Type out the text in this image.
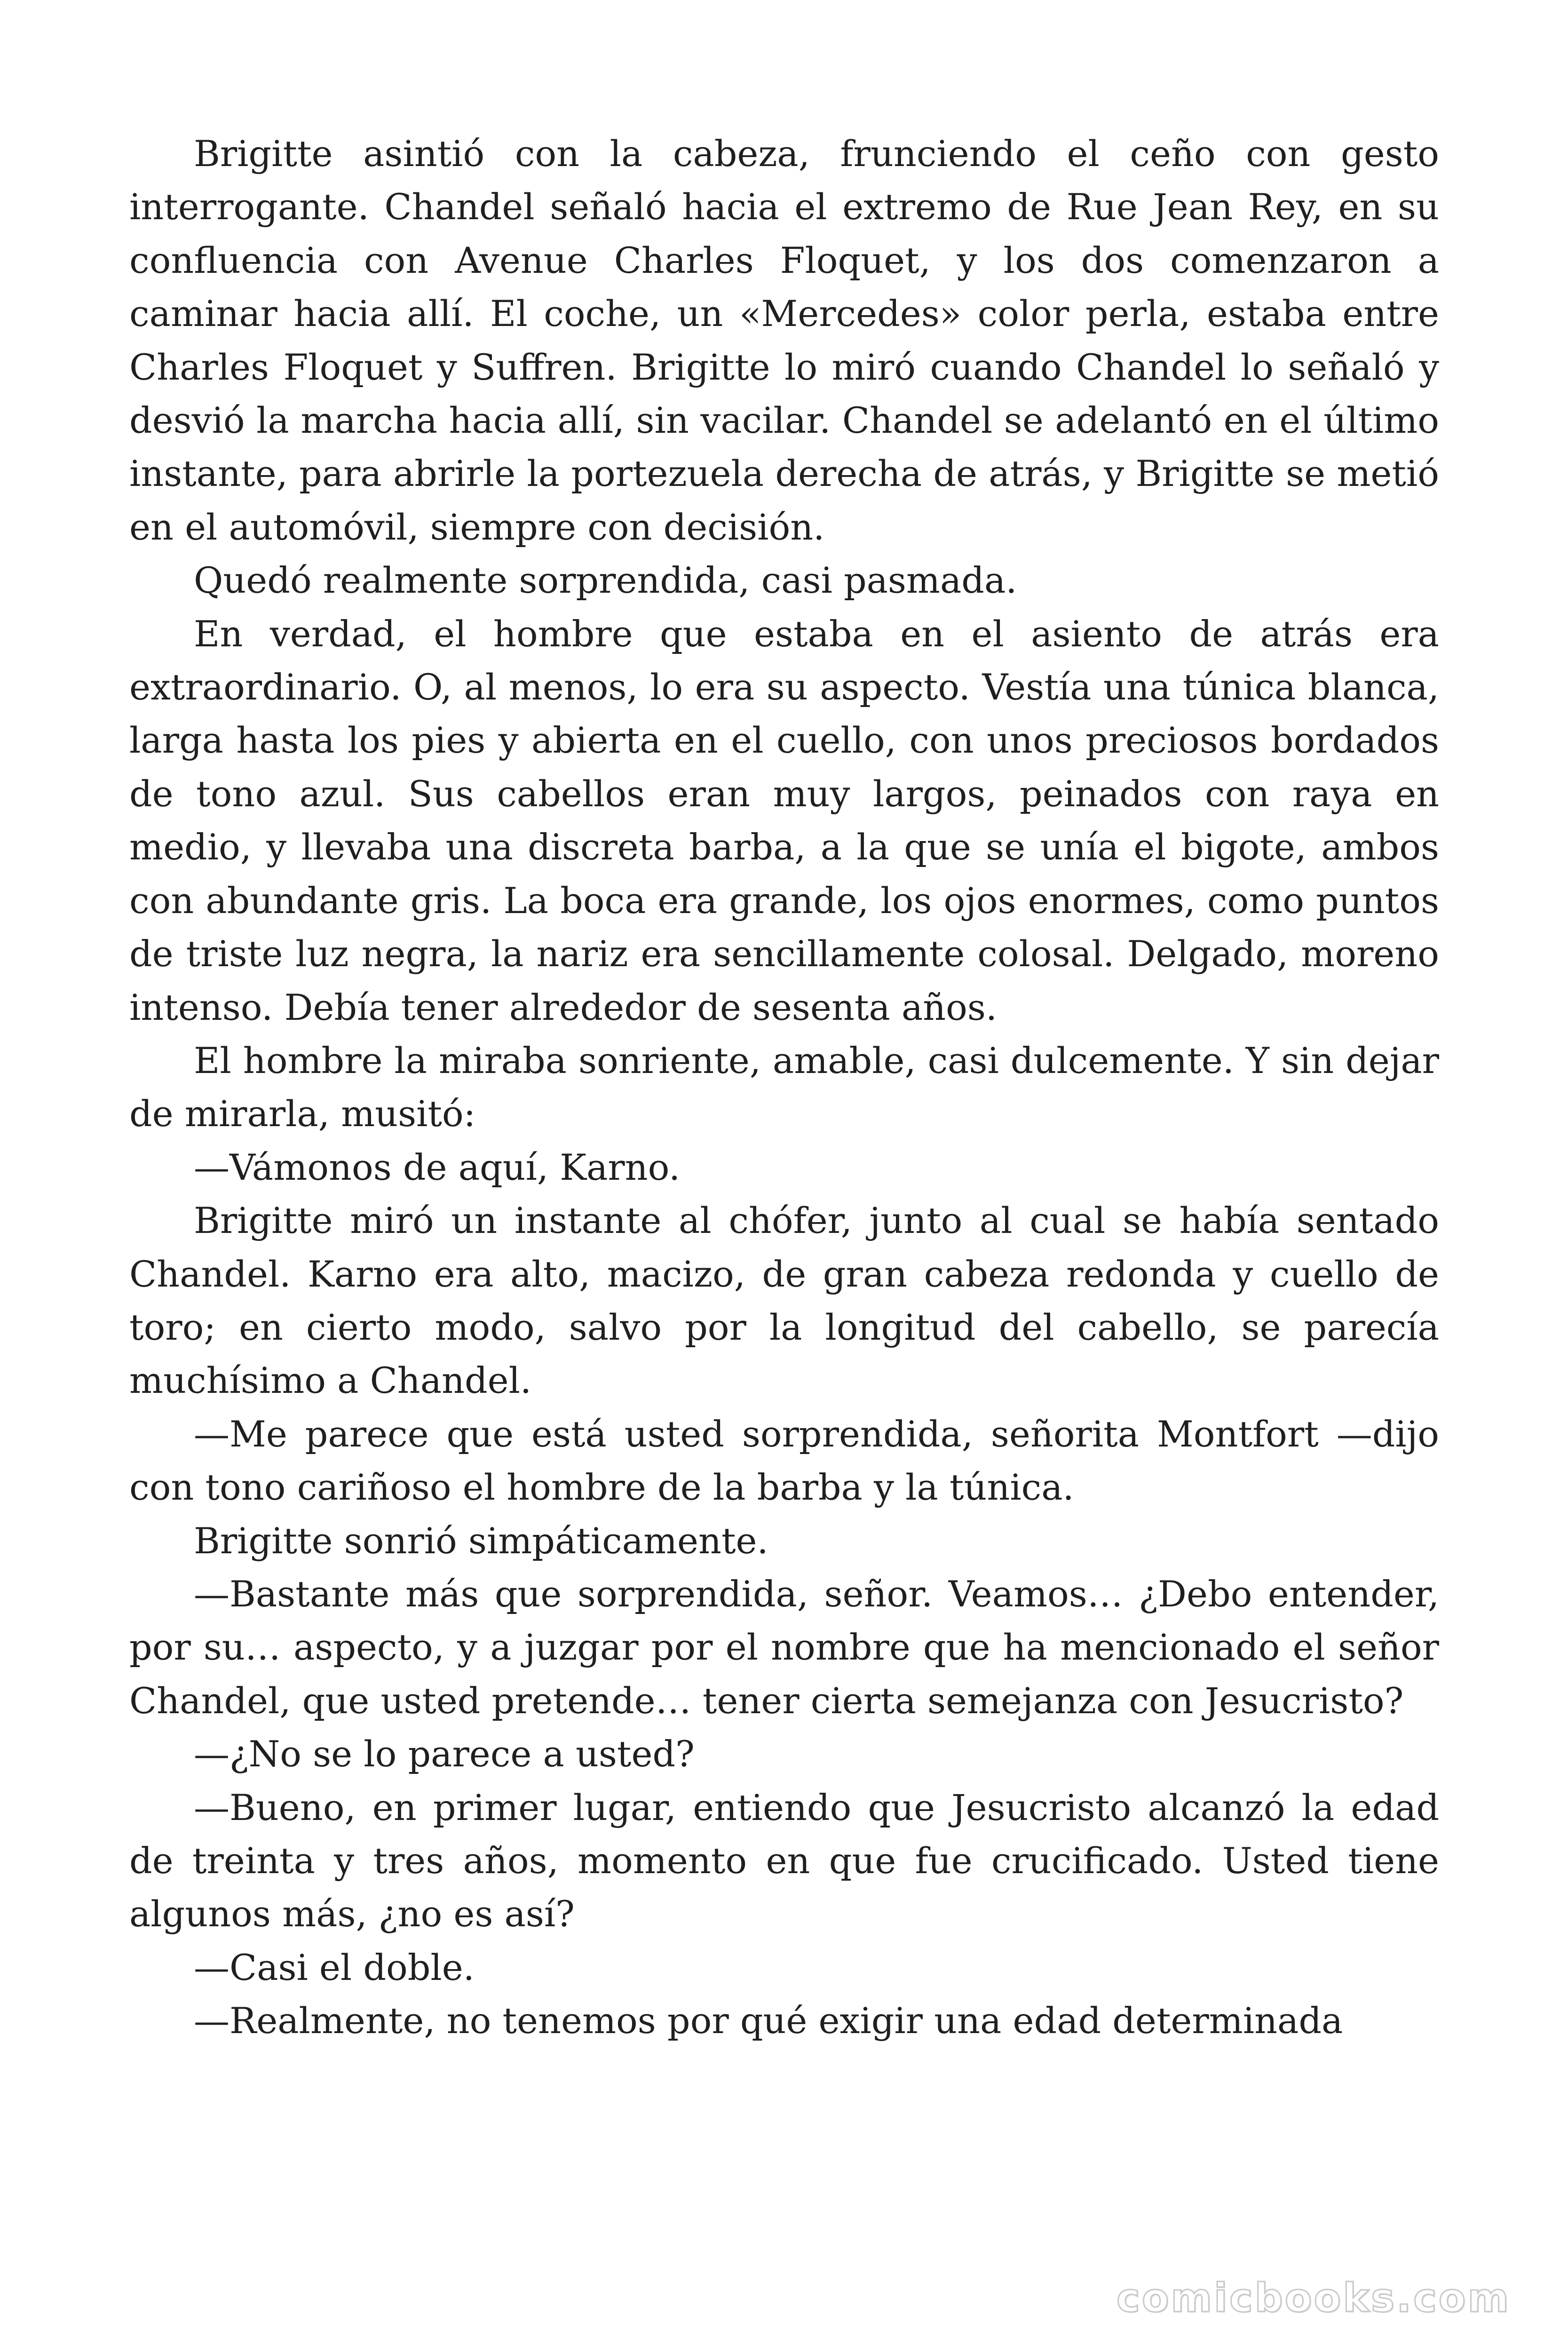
Brigitte asintió con la cabeza, frunciendo el ceño con gesto interrogante. Chandel señaló hacia el extremo de Rue Jean Rey, en su confluencia con Avenue Charles Floquet, y los dos comenzaron a caminar hacia allí. El coche, un «Mercedes» color perla, estaba entre Charles Floquet y Suffren. Brigitte lo miró cuando Chandel lo señaló y desvió la marcha hacia allí, sin vacilar. Chandel se adelantó en el último instante, para abrirle la portezuela derecha de atrás, y Brigitte se metió en el automóvil, siempre con decisión.

Quedó realmente sorprendida, casi pasmada.

En verdad, el hombre que estaba en el asiento de atrás era extraordinario. O, al menos, lo era su aspecto. Vestía una túnica blanca, larga hasta los pies y abierta en el cuello, con unos preciosos bordados de tono azul. Sus cabellos eran muy largos, peinados con raya en medio, y llevaba una discreta barba, a la que se unía el bigote, ambos con abundante gris. La boca era grande, los ojos enormes, como puntos de triste luz negra, la nariz era sencillamente colosal. Delgado, moreno intenso. Debía tener alrededor de sesenta años.

El hombre la miraba sonriente, amable, casi dulcemente. Y sin dejar de mirarla, musitó:

—Vámonos de aquí, Karno.

Brigitte miró un instante al chófer, junto al cual se había sentado Chandel. Karno era alto, macizo, de gran cabeza redonda y cuello de toro; en cierto modo, salvo por la longitud del cabello, se parecía muchísimo a Chandel.

—Me parece que está usted sorprendida, señorita Montfort —dijo con tono cariñoso el hombre de la barba y la túnica.

Brigitte sonrió simpáticamente.

—Bastante más que sorprendida, señor. Veamos… ¿Debo entender, por su… aspecto, y a juzgar por el nombre que ha mencionado el señor Chandel, que usted pretende… tener cierta semejanza con Jesucristo?

—¿No se lo parece a usted?

—Bueno, en primer lugar, entiendo que Jesucristo alcanzó la edad de treinta y tres años, momento en que fue crucificado. Usted tiene algunos más, ¿no es así?

—Casi el doble.

—Realmente, no tenemos por qué exigir una edad determinada

comicbooks.com
